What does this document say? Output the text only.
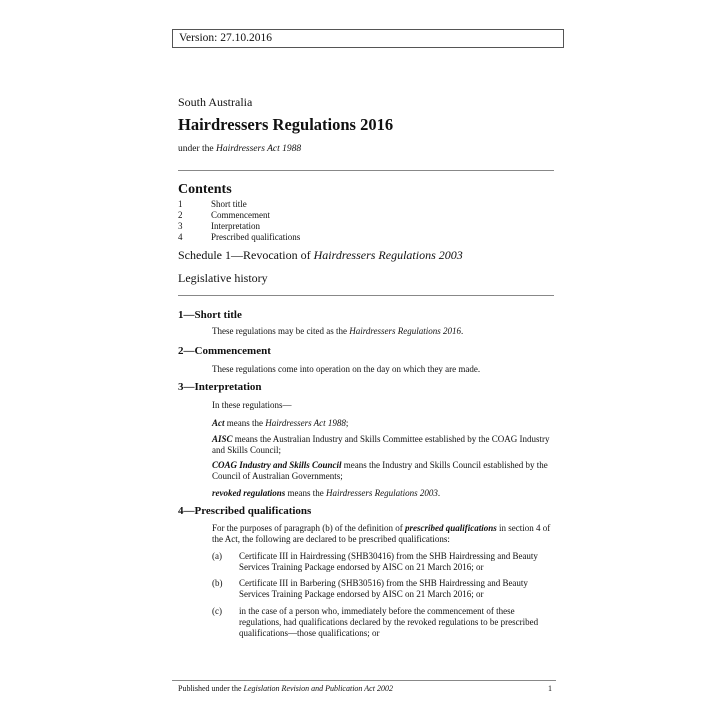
Version: 27.10.2016
South Australia
Hairdressers Regulations 2016
under the Hairdressers Act 1988
Contents
1	Short title
2	Commencement
3	Interpretation
4	Prescribed qualifications
Schedule 1—Revocation of Hairdressers Regulations 2003
Legislative history
1—Short title
These regulations may be cited as the Hairdressers Regulations 2016.
2—Commencement
These regulations come into operation on the day on which they are made.
3—Interpretation
In these regulations—
Act means the Hairdressers Act 1988;
AISC means the Australian Industry and Skills Committee established by the COAG Industry and Skills Council;
COAG Industry and Skills Council means the Industry and Skills Council established by the Council of Australian Governments;
revoked regulations means the Hairdressers Regulations 2003.
4—Prescribed qualifications
For the purposes of paragraph (b) of the definition of prescribed qualifications in section 4 of the Act, the following are declared to be prescribed qualifications:
(a)	Certificate III in Hairdressing (SHB30416) from the SHB Hairdressing and Beauty Services Training Package endorsed by AISC on 21 March 2016; or
(b)	Certificate III in Barbering (SHB30516) from the SHB Hairdressing and Beauty Services Training Package endorsed by AISC on 21 March 2016; or
(c)	in the case of a person who, immediately before the commencement of these regulations, had qualifications declared by the revoked regulations to be prescribed qualifications—those qualifications; or
Published under the Legislation Revision and Publication Act 2002	1
